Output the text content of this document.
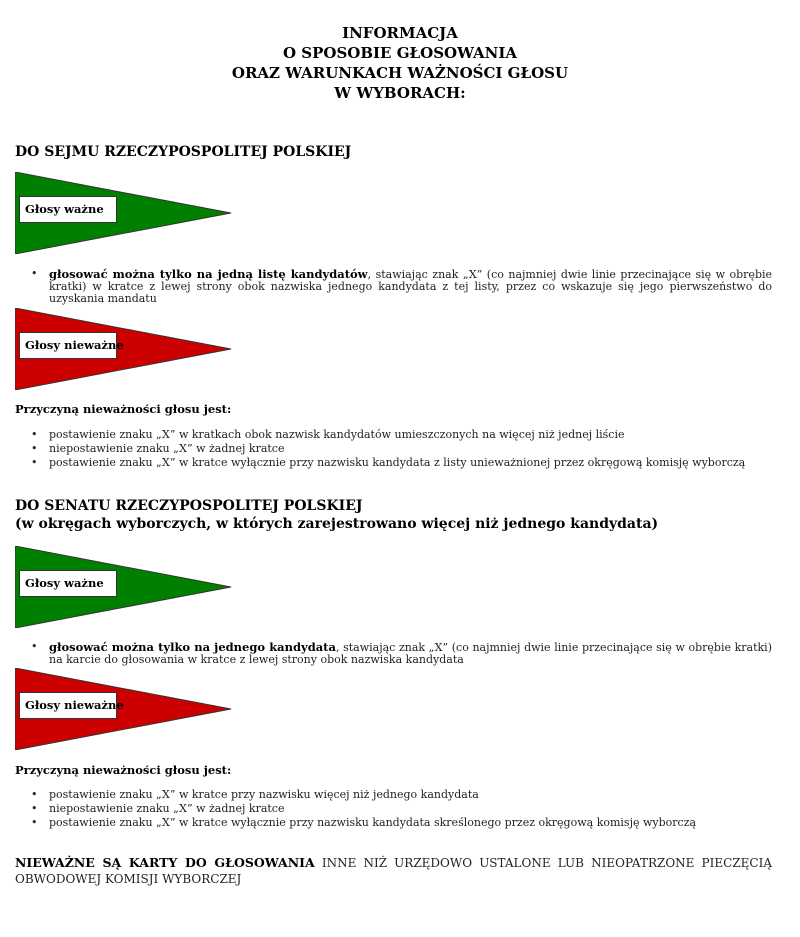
INFORMACJA
O SPOSOBIE GŁOSOWANIA
ORAZ WARUNKACH WAŻNOŚCI GŁOSU
W WYBORACH:
DO SEJMU RZECZYPOSPOLITEJ POLSKIEJ
Głosy ważne
• głosować można tylko na jedną listę kandydatów, stawiając znak „X” (co najmniej dwie linie przecinające się w obrębie kratki) w kratce z lewej strony obok nazwiska jednego kandydata z tej listy, przez co wskazuje się jego pierwszeństwo do uzyskania mandatu
Głosy nieważne
Przyczyną nieważności głosu jest:
• postawienie znaku „X” w kratkach obok nazwisk kandydatów umieszczonych na więcej niż jednej liście
• niepostawienie znaku „X” w żadnej kratce
• postawienie znaku „X” w kratce wyłącznie przy nazwisku kandydata z listy unieważnionej przez okręgową komisję wyborczą
DO SENATU RZECZYPOSPOLITEJ POLSKIEJ
(w okręgach wyborczych, w których zarejestrowano więcej niż jednego kandydata)
Głosy ważne
• głosować można tylko na jednego kandydata, stawiając znak „X” (co najmniej dwie linie przecinające się w obrębie kratki) na karcie do głosowania w kratce z lewej strony obok nazwiska kandydata
Głosy nieważne
Przyczyną nieważności głosu jest:
• postawienie znaku „X” w kratce przy nazwisku więcej niż jednego kandydata
• niepostawienie znaku „X” w żadnej kratce
• postawienie znaku „X” w kratce wyłącznie przy nazwisku kandydata skreślonego przez okręgową komisję wyborczą
NIEWAŻNE SĄ KARTY DO GŁOSOWANIA INNE NIŻ URZĘDOWO USTALONE LUB NIEOPATRZONE PIECZĘCIĄ OBWODOWEJ KOMISJI WYBORCZEJ
